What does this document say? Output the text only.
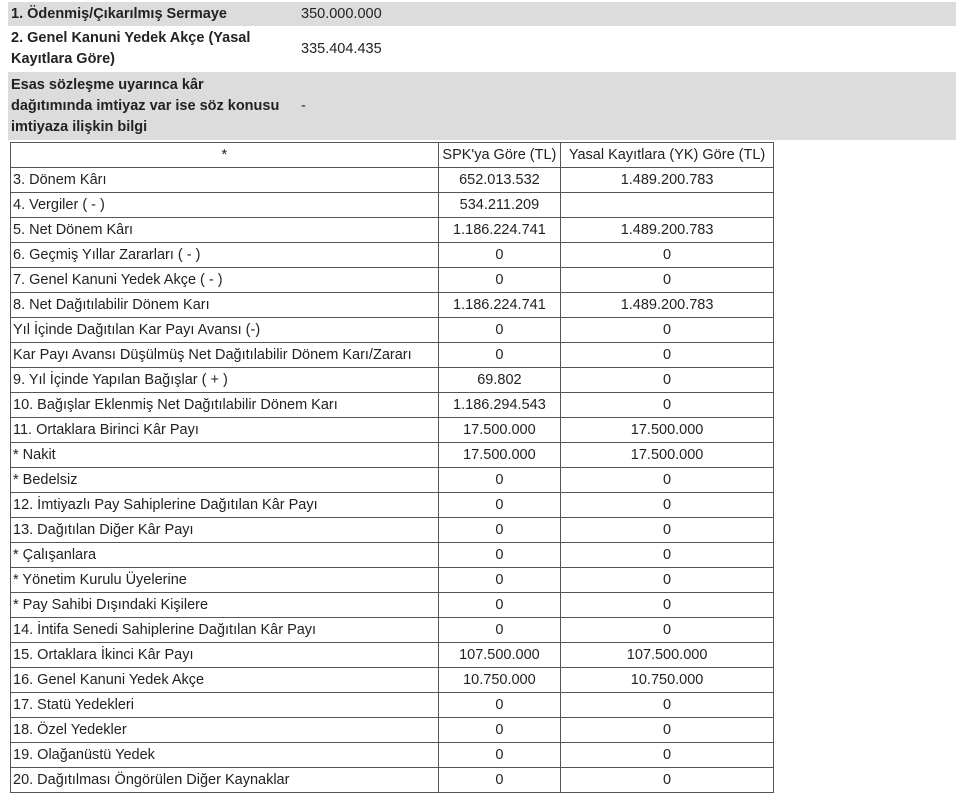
1. Ödenmiş/Çıkarılmış Sermaye	350.000.000
2. Genel Kanuni Yedek Akçe (Yasal Kayıtlara Göre)	335.404.435
Esas sözleşme uyarınca kâr dağıtımında imtiyaz var ise söz konusu imtiyaza ilişkin bilgi	-
*	SPK'ya Göre (TL)	Yasal Kayıtlara (YK) Göre (TL)
3. Dönem Kârı	652.013.532	1.489.200.783
4. Vergiler ( - )	534.211.209	
5. Net Dönem Kârı	1.186.224.741	1.489.200.783
6. Geçmiş Yıllar Zararları ( - )	0	0
7. Genel Kanuni Yedek Akçe ( - )	0	0
8. Net Dağıtılabilir Dönem Karı	1.186.224.741	1.489.200.783
Yıl İçinde Dağıtılan Kar Payı Avansı (-)	0	0
Kar Payı Avansı Düşülmüş Net Dağıtılabilir Dönem Karı/Zararı	0	0
9. Yıl İçinde Yapılan Bağışlar ( + )	69.802	0
10. Bağışlar Eklenmiş Net Dağıtılabilir Dönem Karı	1.186.294.543	0
11. Ortaklara Birinci Kâr Payı	17.500.000	17.500.000
* Nakit	17.500.000	17.500.000
* Bedelsiz	0	0
12. İmtiyazlı Pay Sahiplerine Dağıtılan Kâr Payı	0	0
13. Dağıtılan Diğer Kâr Payı	0	0
* Çalışanlara	0	0
* Yönetim Kurulu Üyelerine	0	0
* Pay Sahibi Dışındaki Kişilere	0	0
14. İntifa Senedi Sahiplerine Dağıtılan Kâr Payı	0	0
15. Ortaklara İkinci Kâr Payı	107.500.000	107.500.000
16. Genel Kanuni Yedek Akçe	10.750.000	10.750.000
17. Statü Yedekleri	0	0
18. Özel Yedekler	0	0
19. Olağanüstü Yedek	0	0
20. Dağıtılması Öngörülen Diğer Kaynaklar	0	0
